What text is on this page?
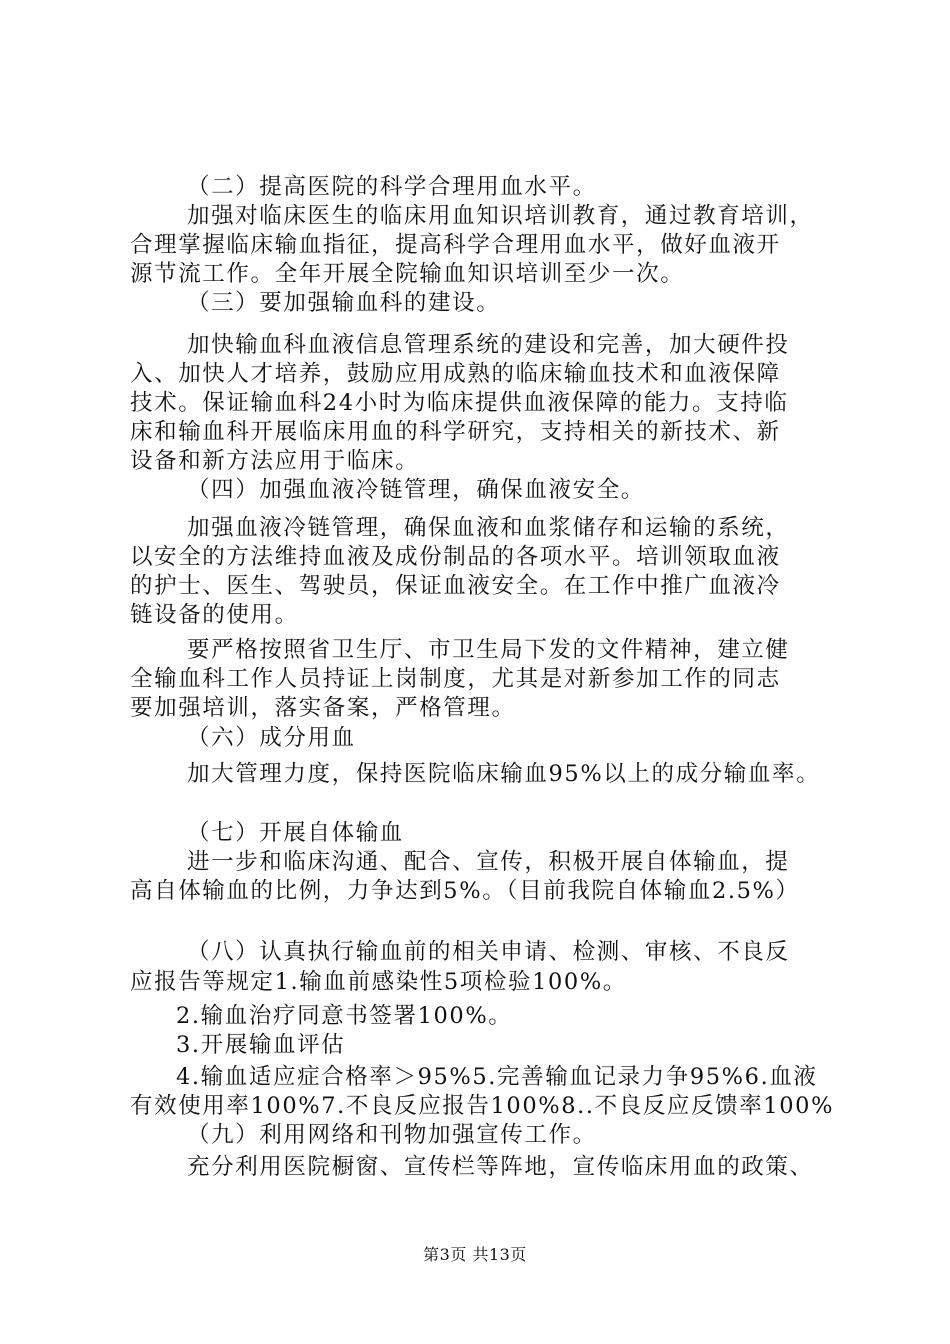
（二）提高医院的科学合理用血水平。
加强对临床医生的临床用血知识培训教育，通过教育培训，
合理掌握临床输血指征，提高科学合理用血水平，做好血液开
源节流工作。全年开展全院输血知识培训至少一次。
（三）要加强输血科的建设。
加快输血科血液信息管理系统的建设和完善，加大硬件投
入、加快人才培养，鼓励应用成熟的临床输血技术和血液保障
技术。保证输血科24小时为临床提供血液保障的能力。支持临
床和输血科开展临床用血的科学研究，支持相关的新技术、新
设备和新方法应用于临床。
（四）加强血液冷链管理，确保血液安全。
加强血液冷链管理，确保血液和血浆储存和运输的系统，
以安全的方法维持血液及成份制品的各项水平。培训领取血液
的护士、医生、驾驶员，保证血液安全。在工作中推广血液冷
链设备的使用。
要严格按照省卫生厅、市卫生局下发的文件精神，建立健
全输血科工作人员持证上岗制度，尤其是对新参加工作的同志
要加强培训，落实备案，严格管理。
（六）成分用血
加大管理力度，保持医院临床输血95%以上的成分输血率。
（七）开展自体输血
进一步和临床沟通、配合、宣传，积极开展自体输血，提
高自体输血的比例，力争达到5%。（目前我院自体输血2.5%）
（八）认真执行输血前的相关申请、检测、审核、不良反
应报告等规定1.输血前感染性5项检验100%。
2.输血治疗同意书签署100%。
3.开展输血评估
4.输血适应症合格率＞95%5.完善输血记录力争95%6.血液
有效使用率100%7.不良反应报告100%8..不良反应反馈率100%
（九）利用网络和刊物加强宣传工作。
充分利用医院橱窗、宣传栏等阵地，宣传临床用血的政策、
第3页 共13页
